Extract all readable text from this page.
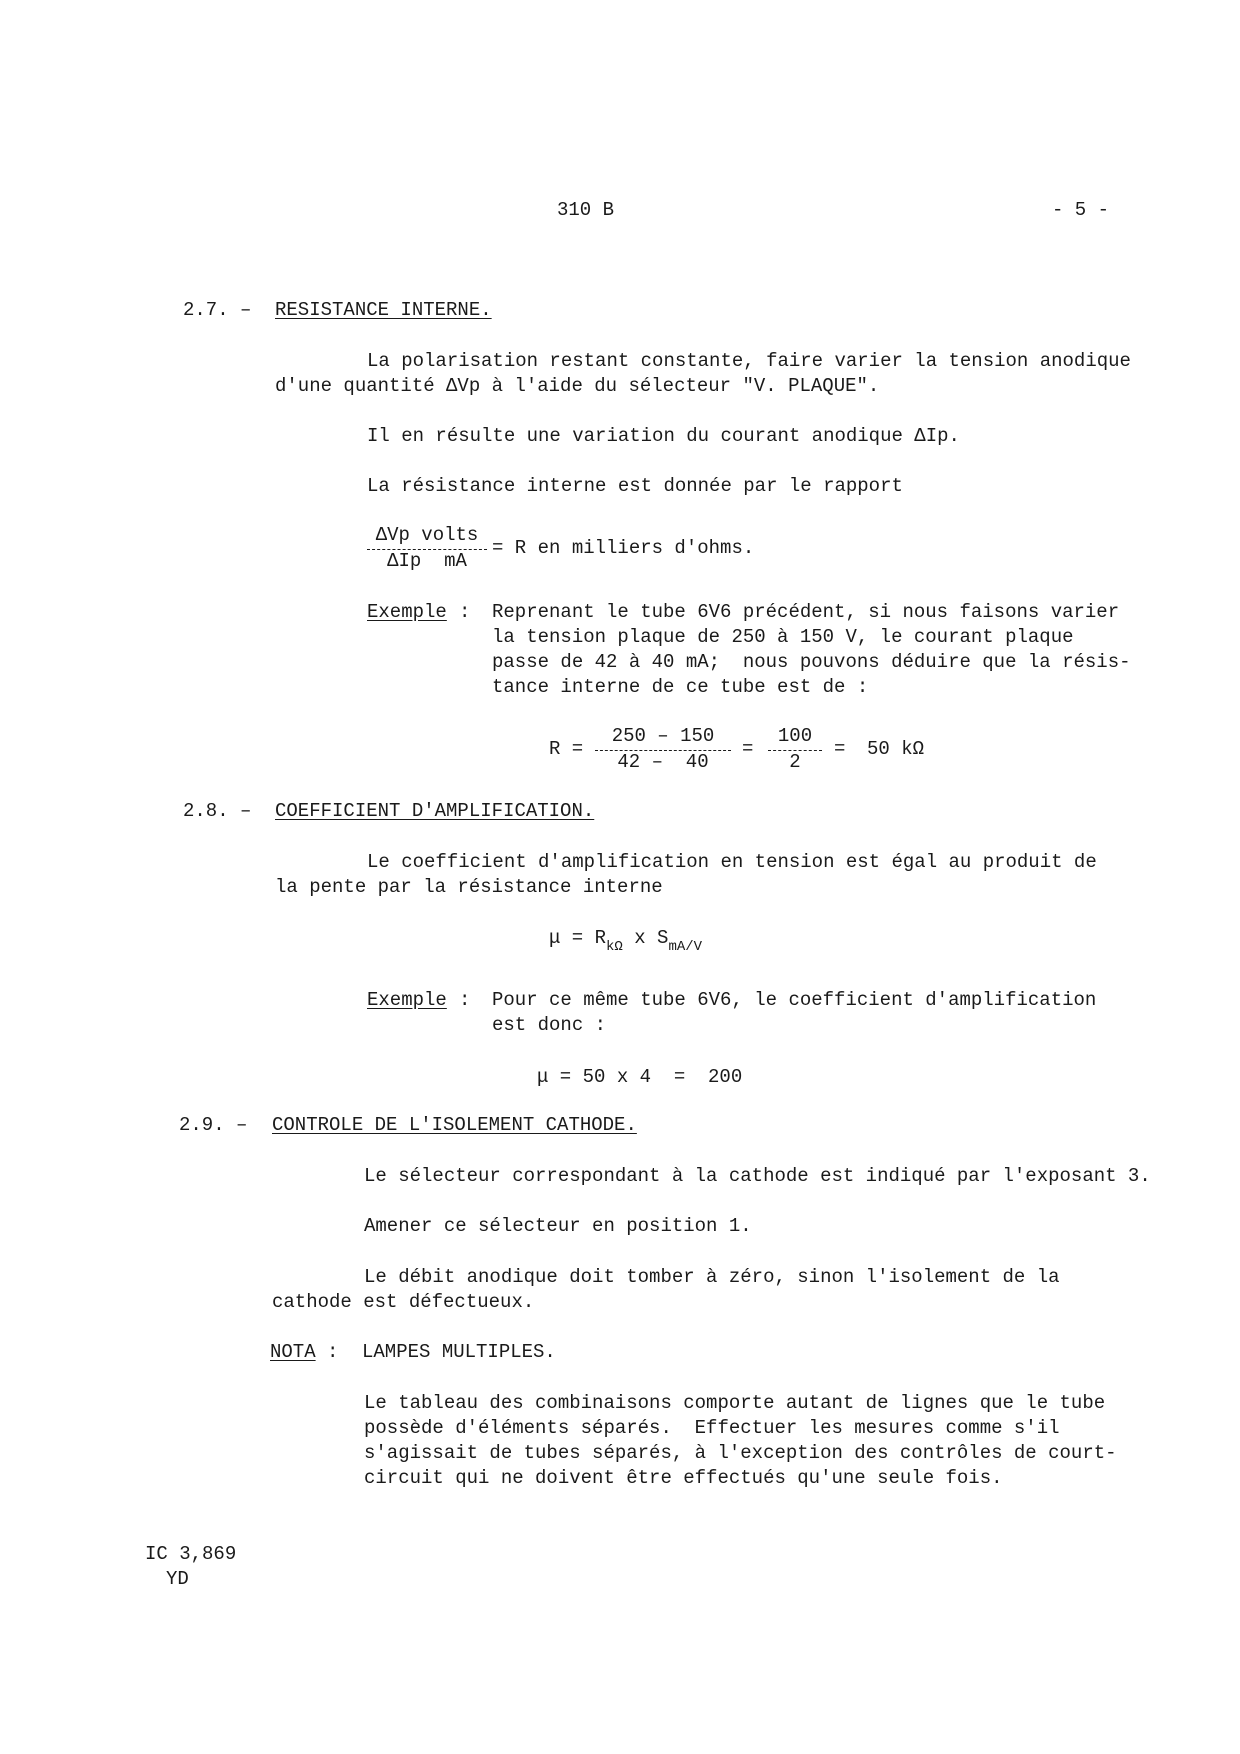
310 B	- 5 -
2.7. – RESISTANCE INTERNE.
La polarisation restant constante, faire varier la tension anodique
d'une quantité ΔVp à l'aide du sélecteur "V. PLAQUE".
Il en résulte une variation du courant anodique ΔIp.
La résistance interne est donnée par le rapport
ΔVp volts
ΔIp  mA
= R en milliers d'ohms.
Exemple : Reprenant le tube 6V6 précédent, si nous faisons varier
la tension plaque de 250 à 150 V, le courant plaque
passe de 42 à 40 mA;  nous pouvons déduire que la résis-
tance interne de ce tube est de :
R =
250 – 150
42 –  40
=
100
2
= 50 kΩ
2.8. – COEFFICIENT D'AMPLIFICATION.
Le coefficient d'amplification en tension est égal au produit de
la pente par la résistance interne
$\mu = R_{k\Omega}$ x $S_{mA/V}$
Exemple : Pour ce même tube 6V6, le coefficient d'amplification
est donc :
μ = 50 x 4  =  200
2.9. – CONTROLE DE L'ISOLEMENT CATHODE.
Le sélecteur correspondant à la cathode est indiqué par l'exposant 3.
Amener ce sélecteur en position 1.
Le débit anodique doit tomber à zéro, sinon l'isolement de la
cathode est défectueux.
NOTA : LAMPES MULTIPLES.
Le tableau des combinaisons comporte autant de lignes que le tube
possède d'éléments séparés.  Effectuer les mesures comme s'il
s'agissait de tubes séparés, à l'exception des contrôles de court-
circuit qui ne doivent être effectués qu'une seule fois.
IC 3,869
YD
